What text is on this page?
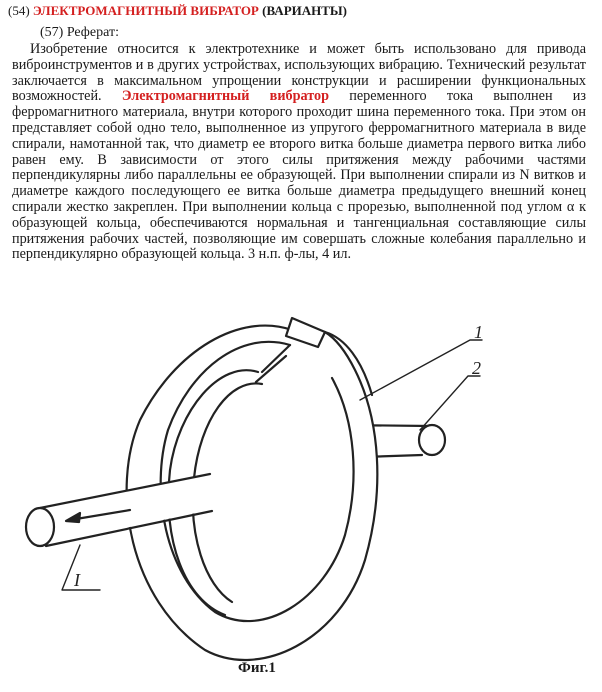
(54) ЭЛЕКТРОМАГНИТНЫЙ ВИБРАТОР (ВАРИАНТЫ)
(57) Реферат:

Изобретение относится к электротехнике и может быть использовано для привода виброинструментов и в других устройствах, использующих вибрацию. Технический результат заключается в максимальном упрощении конструкции и расширении функциональных возможностей. Электромагнитный вибратор переменного тока выполнен из ферромагнитного материала, внутри которого проходит шина переменного тока. При этом он представляет собой одно тело, выполненное из упругого ферромагнитного материала в виде спирали, намотанной так, что диаметр ее второго витка больше диаметра первого витка либо равен ему. В зависимости от этого силы притяжения между рабочими частями перпендикулярны либо параллельны ее образующей. При выполнении спирали из N витков и диаметре каждого последующего ее витка больше диаметра предыдущего внешний конец спирали жестко закреплен. При выполнении кольца с прорезью, выполненной под углом α к образующей кольца, обеспечиваются нормальная и тангенциальная составляющие силы притяжения рабочих частей, позволяющие им совершать сложные колебания параллельно и перпендикулярно образующей кольца. 3 н.п. ф-лы, 4 ил.

1
2
I
Фиг.1
